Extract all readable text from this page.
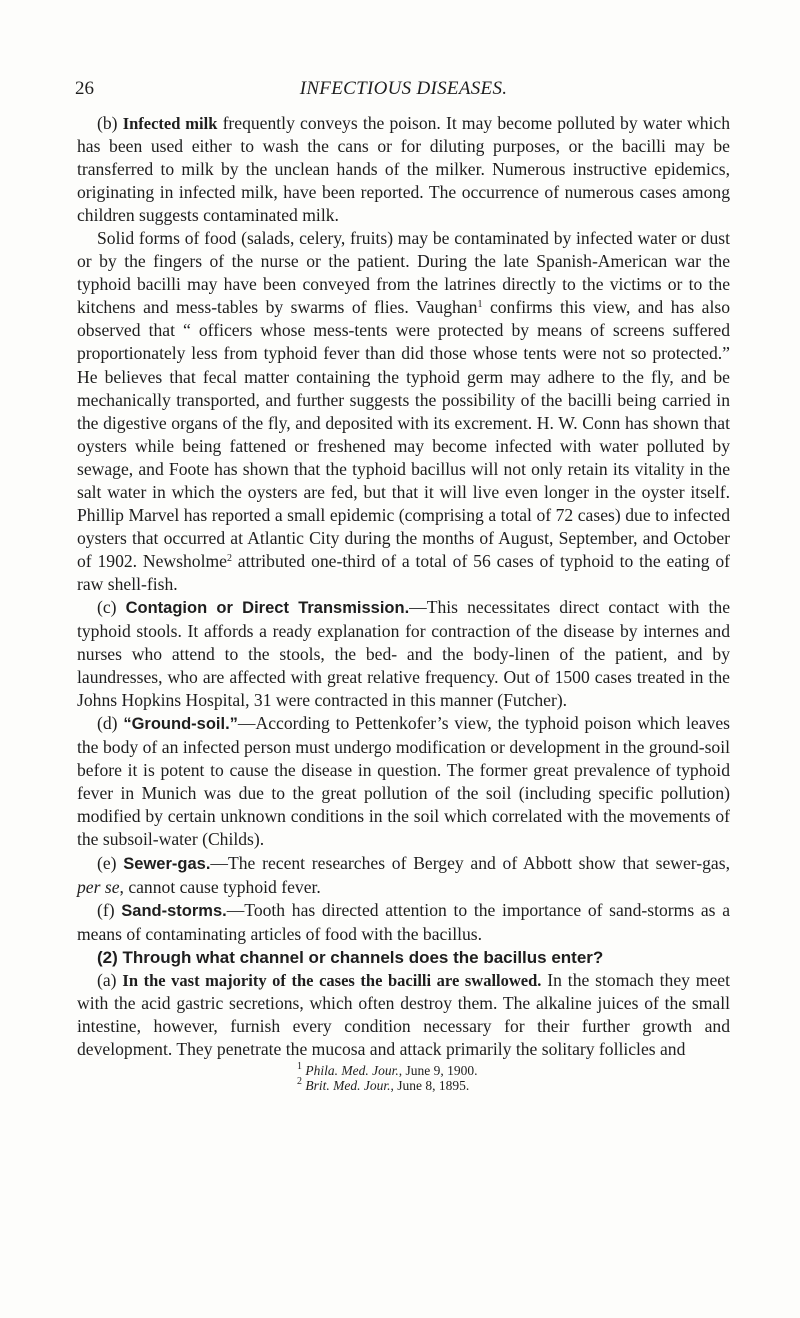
26	INFECTIOUS DISEASES.

(b) Infected milk frequently conveys the poison. It may become polluted by water which has been used either to wash the cans or for diluting purposes, or the bacilli may be transferred to milk by the unclean hands of the milker. Numerous instructive epidemics, originating in infected milk, have been reported. The occurrence of numerous cases among children suggests contaminated milk.

Solid forms of food (salads, celery, fruits) may be contaminated by infected water or dust or by the fingers of the nurse or the patient. During the late Spanish-American war the typhoid bacilli may have been conveyed from the latrines directly to the victims or to the kitchens and mess-tables by swarms of flies. Vaughan$^1$ confirms this view, and has also observed that “ officers whose mess-tents were protected by means of screens suffered proportionately less from typhoid fever than did those whose tents were not so protected.” He believes that fecal matter containing the typhoid germ may adhere to the fly, and be mechanically transported, and further suggests the possibility of the bacilli being carried in the digestive organs of the fly, and deposited with its excrement. H. W. Conn has shown that oysters while being fattened or freshened may become infected with water polluted by sewage, and Foote has shown that the typhoid bacillus will not only retain its vitality in the salt water in which the oysters are fed, but that it will live even longer in the oyster itself. Phillip Marvel has reported a small epidemic (comprising a total of 72 cases) due to infected oysters that occurred at Atlantic City during the months of August, September, and October of 1902. Newsholme$^2$ attributed one-third of a total of 56 cases of typhoid to the eating of raw shell-fish.

(c) Contagion or Direct Transmission.—This necessitates direct contact with the typhoid stools. It affords a ready explanation for contraction of the disease by internes and nurses who attend to the stools, the bed- and the body-linen of the patient, and by laundresses, who are affected with great relative frequency. Out of 1500 cases treated in the Johns Hopkins Hospital, 31 were contracted in this manner (Futcher).

(d) “Ground-soil.”—According to Pettenkofer’s view, the typhoid poison which leaves the body of an infected person must undergo modification or development in the ground-soil before it is potent to cause the disease in question. The former great prevalence of typhoid fever in Munich was due to the great pollution of the soil (including specific pollution) modified by certain unknown conditions in the soil which correlated with the movements of the subsoil-water (Childs).

(e) Sewer-gas.—The recent researches of Bergey and of Abbott show that sewer-gas, per se, cannot cause typhoid fever.

(f) Sand-storms.—Tooth has directed attention to the importance of sand-storms as a means of contaminating articles of food with the bacillus.

(2) Through what channel or channels does the bacillus enter?

(a) In the vast majority of the cases the bacilli are swallowed. In the stomach they meet with the acid gastric secretions, which often destroy them. The alkaline juices of the small intestine, however, furnish every condition necessary for their further growth and development. They penetrate the mucosa and attack primarily the solitary follicles and

$^1$ Phila. Med. Jour., June 9, 1900.
$^2$ Brit. Med. Jour., June 8, 1895.
